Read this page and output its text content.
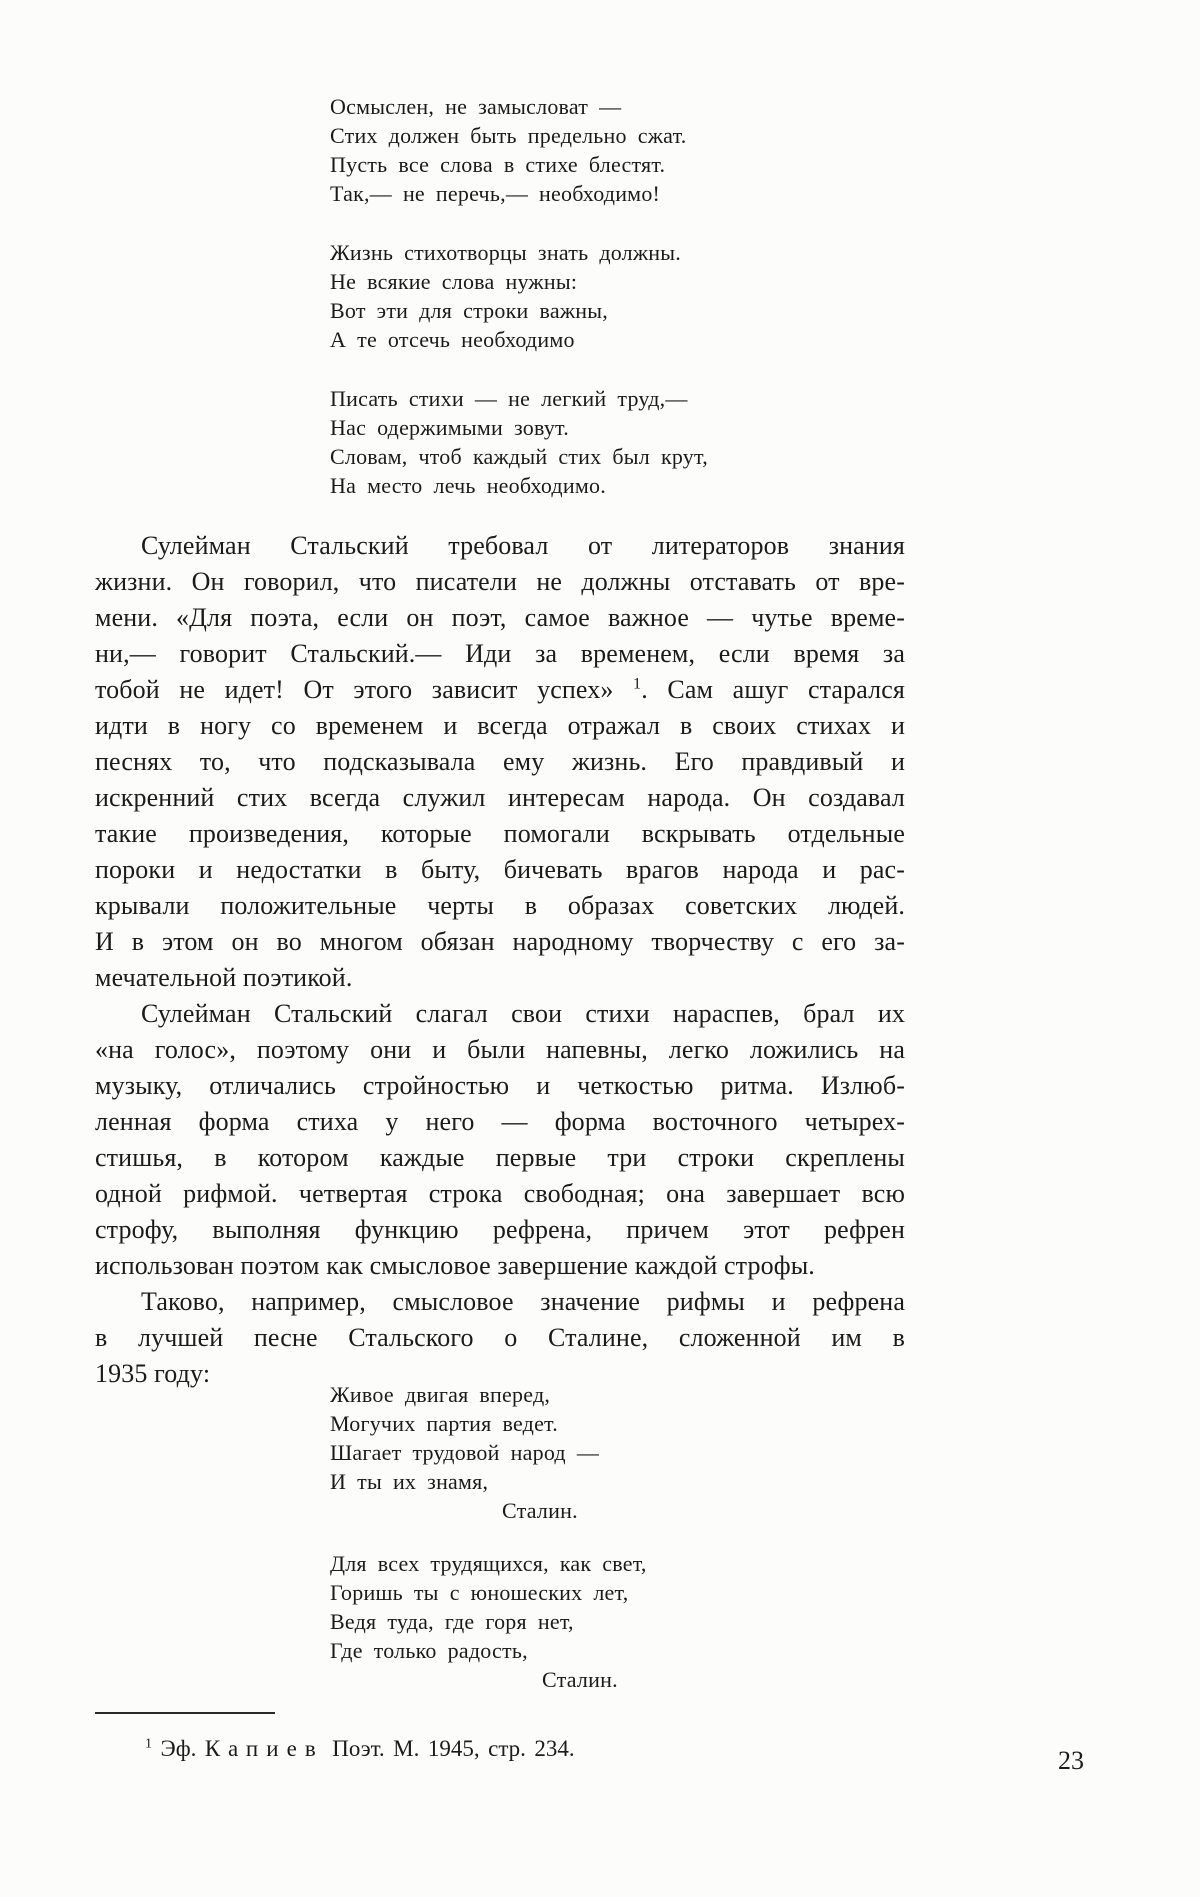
Осмыслен, не замысловат —
Стих должен быть предельно сжат.
Пусть все слова в стихе блестят.
Так,— не перечь,— необходимо!
Жизнь стихотворцы знать должны.
Не всякие слова нужны:
Вот эти для строки важны,
А те отсечь необходимо
Писать стихи — не легкий труд,—
Нас одержимыми зовут.
Словам, чтоб каждый стих был крут,
На место лечь необходимо.
Сулейман Стальский требовал от литераторов знания
жизни. Он говорил, что писатели не должны отставать от вре-
мени. «Для поэта, если он поэт, самое важное — чутье време-
ни,— говорит Стальский.— Иди за временем, если время за
тобой не идет! От этого зависит успех» $^1$. Сам ашуг старался
идти в ногу со временем и всегда отражал в своих стихах и
песнях то, что подсказывала ему жизнь. Его правдивый и
искренний стих всегда служил интересам народа. Он создавал
такие произведения, которые помогали вскрывать отдельные
пороки и недостатки в быту, бичевать врагов народа и рас-
крывали положительные черты в образах советских людей.
И в этом он во многом обязан народному творчеству с его за-
мечательной поэтикой.
Сулейман Стальский слагал свои стихи нараспев, брал их
«на голос», поэтому они и были напевны, легко ложились на
музыку, отличались стройностью и четкостью ритма. Излюб-
ленная форма стиха у него — форма восточного четырех-
стишья, в котором каждые первые три строки скреплены
одной рифмой. четвертая строка свободная; она завершает всю
строфу, выполняя функцию рефрена, причем этот рефрен
использован поэтом как смысловое завершение каждой строфы.
Таково, например, смысловое значение рифмы и рефрена
в лучшей песне Стальского о Сталине, сложенной им в
1935 году:
Живое двигая вперед,
Могучих партия ведет.
Шагает трудовой народ —
И ты их знамя,
Сталин.
Для всех трудящихся, как свет,
Горишь ты с юношеских лет,
Ведя туда, где горя нет,
Где только радость,
Сталин.
$^1$ Эф. Капиев Поэт. М. 1945, стр. 234.	23
